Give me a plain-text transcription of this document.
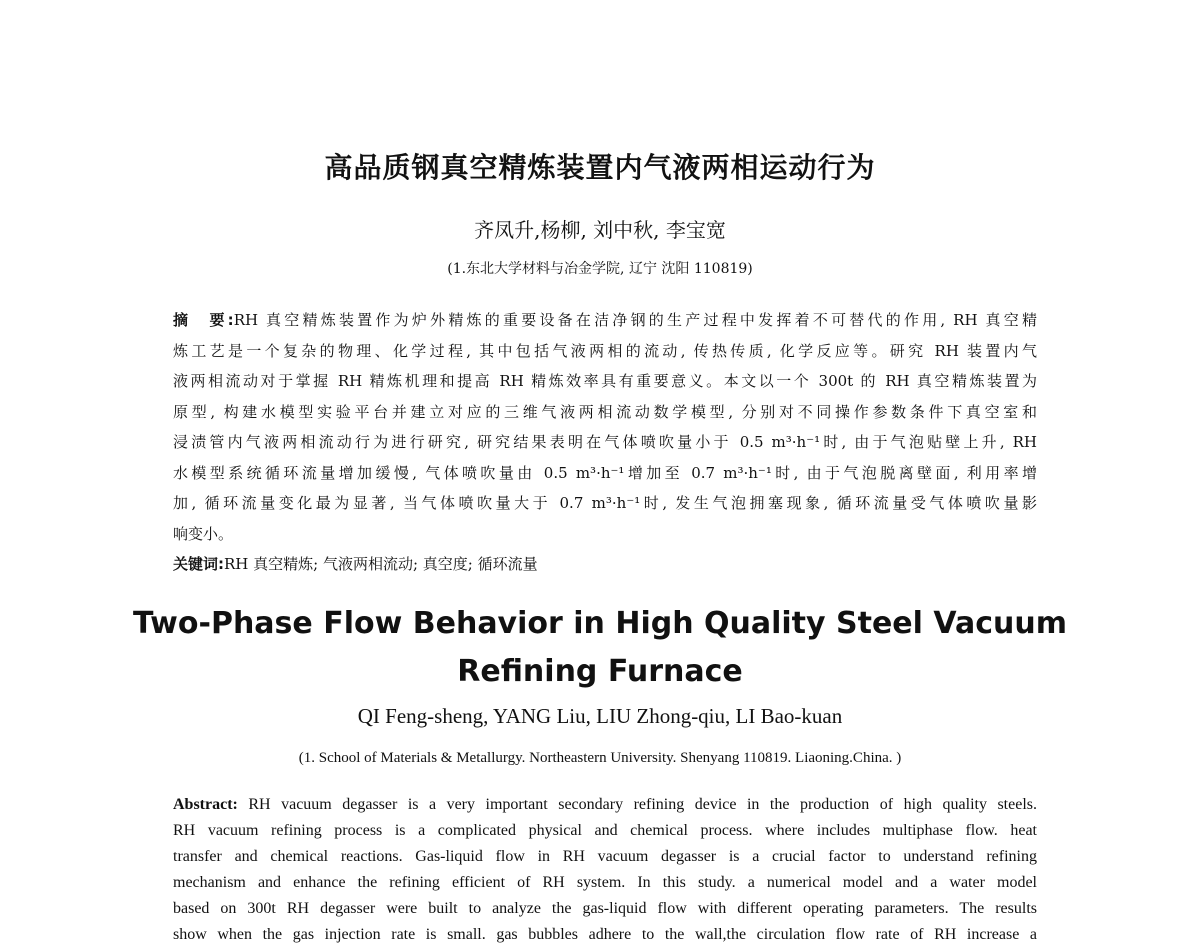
高品质钢真空精炼装置内气液两相运动行为
齐凤升,杨柳, 刘中秋, 李宝宽
(1.东北大学材料与冶金学院, 辽宁 沈阳 110819)
摘　要:RH 真空精炼装置作为炉外精炼的重要设备在洁净钢的生产过程中发挥着不可替代的作用, RH 真空精
炼工艺是一个复杂的物理、化学过程, 其中包括气液两相的流动, 传热传质, 化学反应等。研究 RH 装置内气
液两相流动对于掌握 RH 精炼机理和提高 RH 精炼效率具有重要意义。本文以一个 300t 的 RH 真空精炼装置为
原型, 构建水模型实验平台并建立对应的三维气液两相流动数学模型, 分别对不同操作参数条件下真空室和
浸渍管内气液两相流动行为进行研究, 研究结果表明在气体喷吹量小于 0.5 m³·h⁻¹时, 由于气泡贴壁上升, RH
水模型系统循环流量增加缓慢, 气体喷吹量由 0.5 m³·h⁻¹增加至 0.7 m³·h⁻¹时, 由于气泡脱离壁面, 利用率增
加, 循环流量变化最为显著, 当气体喷吹量大于 0.7 m³·h⁻¹时, 发生气泡拥塞现象, 循环流量受气体喷吹量影
响变小。
关键词:RH 真空精炼; 气液两相流动; 真空度; 循环流量
Two-Phase Flow Behavior in High Quality Steel Vacuum
Refining Furnace
QI Feng-sheng, YANG Liu, LIU Zhong-qiu, LI Bao-kuan
(1. School of Materials & Metallurgy. Northeastern University. Shenyang 110819. Liaoning.China. )
Abstract: RH vacuum degasser is a very important secondary refining device in the production of high quality steels.
RH vacuum refining process is a complicated physical and chemical process. where includes multiphase flow. heat
transfer and chemical reactions. Gas-liquid flow in RH vacuum degasser is a crucial factor to understand refining
mechanism and enhance the refining efficient of RH system. In this study. a numerical model and a water model
based on 300t RH degasser were built to analyze the gas-liquid flow with different operating parameters. The results
show when the gas injection rate is small. gas bubbles adhere to the wall,the circulation flow rate of RH increase a
